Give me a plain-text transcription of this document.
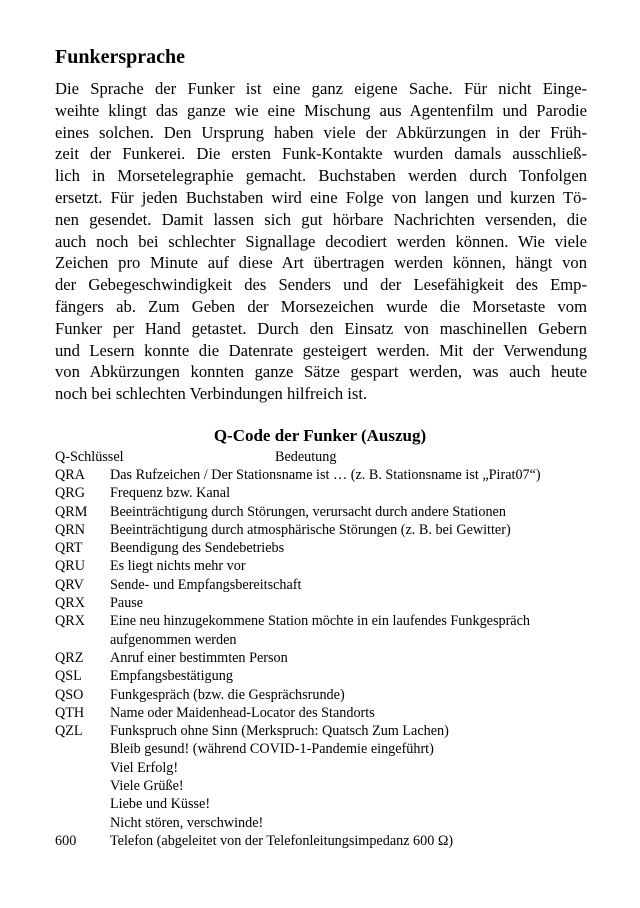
Funkersprache
Die Sprache der Funker ist eine ganz eigene Sache. Für nicht Einge-
weihte klingt das ganze wie eine Mischung aus Agentenfilm und Parodie
eines solchen. Den Ursprung haben viele der Abkürzungen in der Früh-
zeit der Funkerei. Die ersten Funk-Kontakte wurden damals ausschließ-
lich in Morsetelegraphie gemacht. Buchstaben werden durch Tonfolgen
ersetzt. Für jeden Buchstaben wird eine Folge von langen und kurzen Tö-
nen gesendet. Damit lassen sich gut hörbare Nachrichten versenden, die
auch noch bei schlechter Signallage decodiert werden können. Wie viele
Zeichen pro Minute auf diese Art übertragen werden können, hängt von
der Gebegeschwindigkeit des Senders und der Lesefähigkeit des Emp-
fängers ab. Zum Geben der Morsezeichen wurde die Morsetaste vom
Funker per Hand getastet. Durch den Einsatz von maschinellen Gebern
und Lesern konnte die Datenrate gesteigert werden. Mit der Verwendung
von Abkürzungen konnten ganze Sätze gespart werden, was auch heute
noch bei schlechten Verbindungen hilfreich ist.
Q-Code der Funker (Auszug)
Q-Schlüssel	Bedeutung
QRA	Das Rufzeichen / Der Stationsname ist … (z. B. Stationsname ist „Pirat07“)
QRG	Frequenz bzw. Kanal
QRM	Beeinträchtigung durch Störungen, verursacht durch andere Stationen
QRN	Beeinträchtigung durch atmosphärische Störungen (z. B. bei Gewitter)
QRT	Beendigung des Sendebetriebs
QRU	Es liegt nichts mehr vor
QRV	Sende- und Empfangsbereitschaft
QRX	Pause
QRX	Eine neu hinzugekommene Station möchte in ein laufendes Funkgespräch
aufgenommen werden
QRZ	Anruf einer bestimmten Person
QSL	Empfangsbestätigung
QSO	Funkgespräch (bzw. die Gesprächsrunde)
QTH	Name oder Maidenhead-Locator des Standorts
QZL	Funkspruch ohne Sinn (Merkspruch: Quatsch Zum Lachen)
Bleib gesund! (während COVID-1-Pandemie eingeführt)
Viel Erfolg!
Viele Grüße!
Liebe und Küsse!
Nicht stören, verschwinde!
600	Telefon (abgeleitet von der Telefonleitungsimpedanz 600 Ω)
